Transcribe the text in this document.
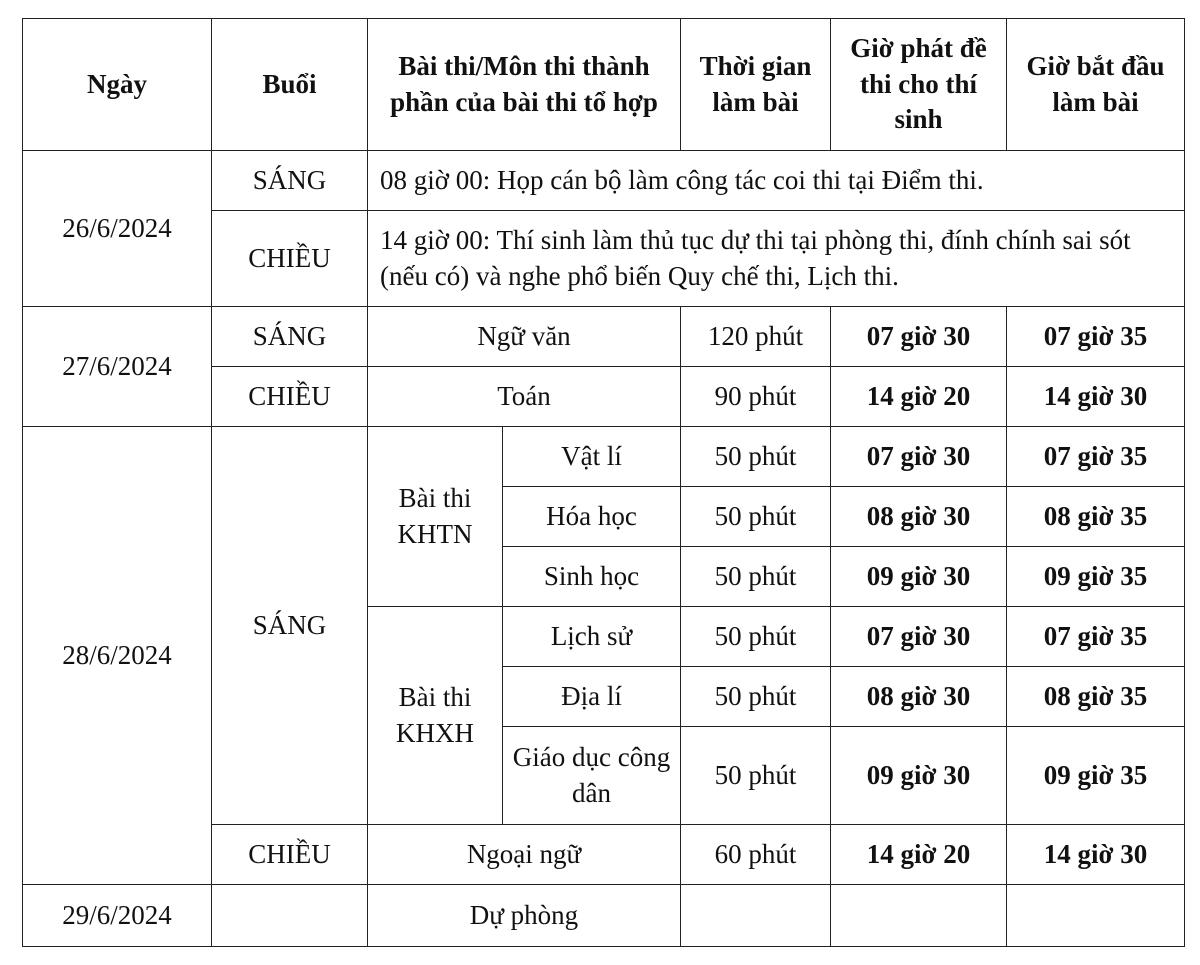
Ngày	Buổi	Bài thi/Môn thi thành phần của bài thi tổ hợp		Thời gian làm bài	Giờ phát đề thi cho thí sinh	Giờ bắt đầu làm bài
26/6/2024	SÁNG	08 giờ 00: Họp cán bộ làm công tác coi thi tại Điểm thi.				
	CHIỀU	14 giờ 00: Thí sinh làm thủ tục dự thi tại phòng thi, đính chính sai sót (nếu có) và nghe phổ biến Quy chế thi, Lịch thi.				
27/6/2024	SÁNG	Ngữ văn		120 phút	07 giờ 30	07 giờ 35
	CHIỀU	Toán		90 phút	14 giờ 20	14 giờ 30
28/6/2024	SÁNG	Bài thi KHTN	Vật lí	50 phút	07 giờ 30	07 giờ 35
			Hóa học	50 phút	08 giờ 30	08 giờ 35
			Sinh học	50 phút	09 giờ 30	09 giờ 35
		Bài thi KHXH	Lịch sử	50 phút	07 giờ 30	07 giờ 35
			Địa lí	50 phút	08 giờ 30	08 giờ 35
			Giáo dục công dân	50 phút	09 giờ 30	09 giờ 35
	CHIỀU	Ngoại ngữ		60 phút	14 giờ 20	14 giờ 30
29/6/2024		Dự phòng				
